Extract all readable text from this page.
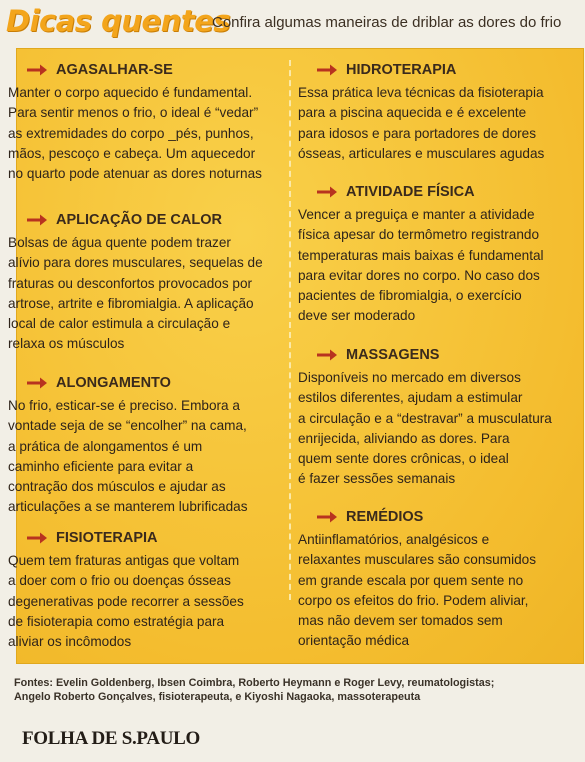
Dicas quentes
Confira algumas maneiras de driblar as dores do frio
AGASALHAR-SE
Manter o corpo aquecido é fundamental.
Para sentir menos o frio, o ideal é “vedar”
as extremidades do corpo _pés, punhos,
mãos, pescoço e cabeça. Um aquecedor
no quarto pode atenuar as dores noturnas
APLICAÇÃO DE CALOR
Bolsas de água quente podem trazer
alívio para dores musculares, sequelas de
fraturas ou desconfortos provocados por
artrose, artrite e fibromialgia. A aplicação
local de calor estimula a circulação e
relaxa os músculos
ALONGAMENTO
No frio, esticar-se é preciso. Embora a
vontade seja de se “encolher” na cama,
a prática de alongamentos é um
caminho eficiente para evitar a
contração dos músculos e ajudar as
articulações a se manterem lubrificadas
FISIOTERAPIA
Quem tem fraturas antigas que voltam
a doer com o frio ou doenças ósseas
degenerativas pode recorrer a sessões
de fisioterapia como estratégia para
aliviar os incômodos
HIDROTERAPIA
Essa prática leva técnicas da fisioterapia
para a piscina aquecida e é excelente
para idosos e para portadores de dores
ósseas, articulares e musculares agudas
ATIVIDADE FÍSICA
Vencer a preguiça e manter a atividade
física apesar do termômetro registrando
temperaturas mais baixas é fundamental
para evitar dores no corpo. No caso dos
pacientes de fibromialgia, o exercício
deve ser moderado
MASSAGENS
Disponíveis no mercado em diversos
estilos diferentes, ajudam a estimular
a circulação e a “destravar” a musculatura
enrijecida, aliviando as dores. Para
quem sente dores crônicas, o ideal
é fazer sessões semanais
REMÉDIOS
Antiinflamatórios, analgésicos e
relaxantes musculares são consumidos
em grande escala por quem sente no
corpo os efeitos do frio. Podem aliviar,
mas não devem ser tomados sem
orientação médica
Fontes: Evelin Goldenberg, Ibsen Coimbra, Roberto Heymann e Roger Levy, reumatologistas;
Angelo Roberto Gonçalves, fisioterapeuta, e Kiyoshi Nagaoka, massoterapeuta
FOLHA DE S.PAULO
